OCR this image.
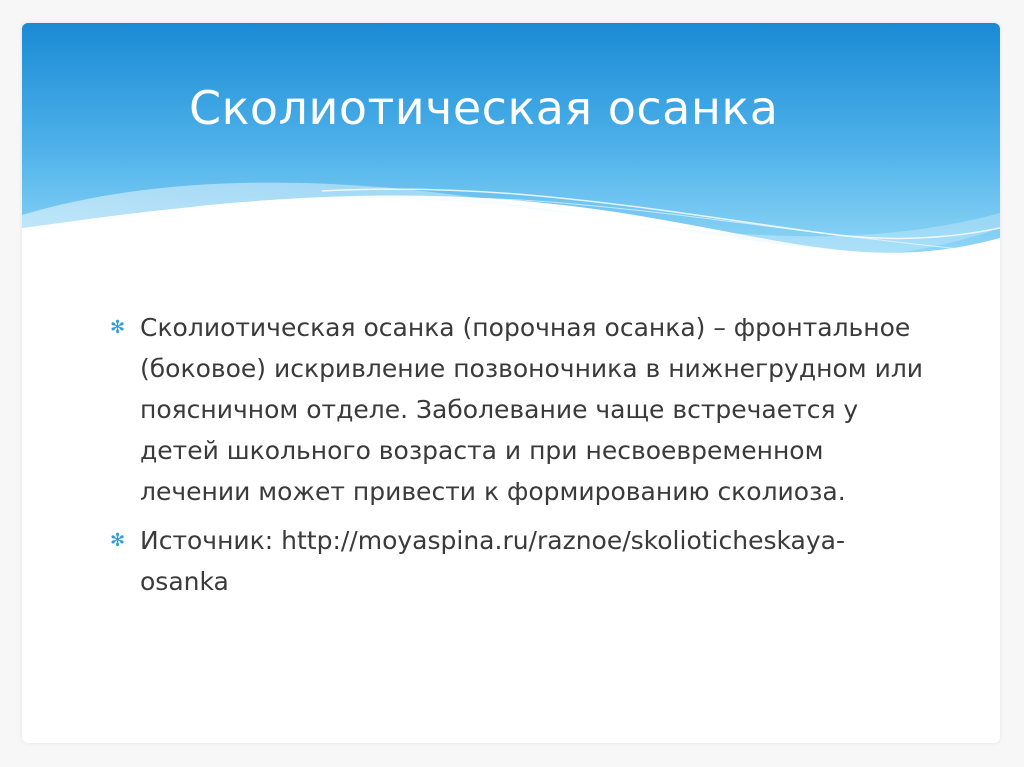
Сколиотическая осанка
✻ Сколиотическая осанка (порочная осанка) – фронтальное (боковое) искривление позвоночника в нижнегрудном или поясничном отделе. Заболевание чаще встречается у детей школьного возраста и при несвоевременном лечении может привести к формированию сколиоза.
✻ Источник: http://moyaspina.ru/raznoe/skolioticheskaya-osanka
